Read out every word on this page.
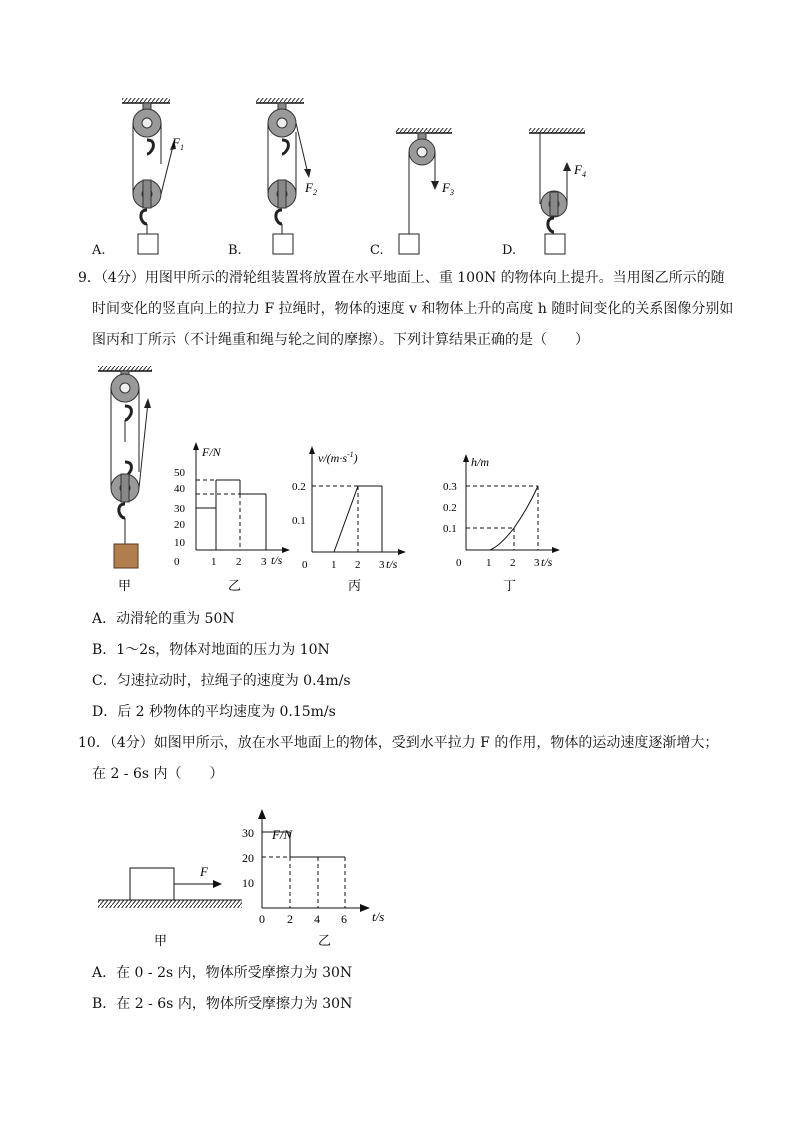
$F_1$
$F_2$	$F_3$
$F_4$
A.	B.	C.	D.
9．（4分）用图甲所示的滑轮组装置将放置在水平地面上、重 100N 的物体向上提升。当用图乙所示的随
时间变化的竖直向上的拉力 F 拉绳时，物体的速度 v 和物体上升的高度 h 随时间变化的关系图像分别如
图丙和丁所示（不计绳重和绳与轮之间的摩擦）。下列计算结果正确的是（　　）
F/N
t/s
50
40
30
20
10
0	1 2 3
$v/(m\cdot s^{-1})$
t/s
0.2
0.1
0 1 2 3
h/m
t/s
0.3
0.2
0.1
0 1 2 3
甲	乙	丙	丁
A．动滑轮的重为 50N
B．1～2s，物体对地面的压力为 10N
C．匀速拉动时，拉绳子的速度为 0.4m/s
D．后 2 秒物体的平均速度为 0.15m/s
10．（4分）如图甲所示，放在水平地面上的物体，受到水平拉力 F 的作用，物体的运动速度逐渐增大；
在 2 - 6s 内（　　）
F
F/N
t/s
30
20
10
0 2 4 6
甲	乙
A．在 0 - 2s 内，物体所受摩擦力为 30N
B．在 2 - 6s 内，物体所受摩擦力为 30N
